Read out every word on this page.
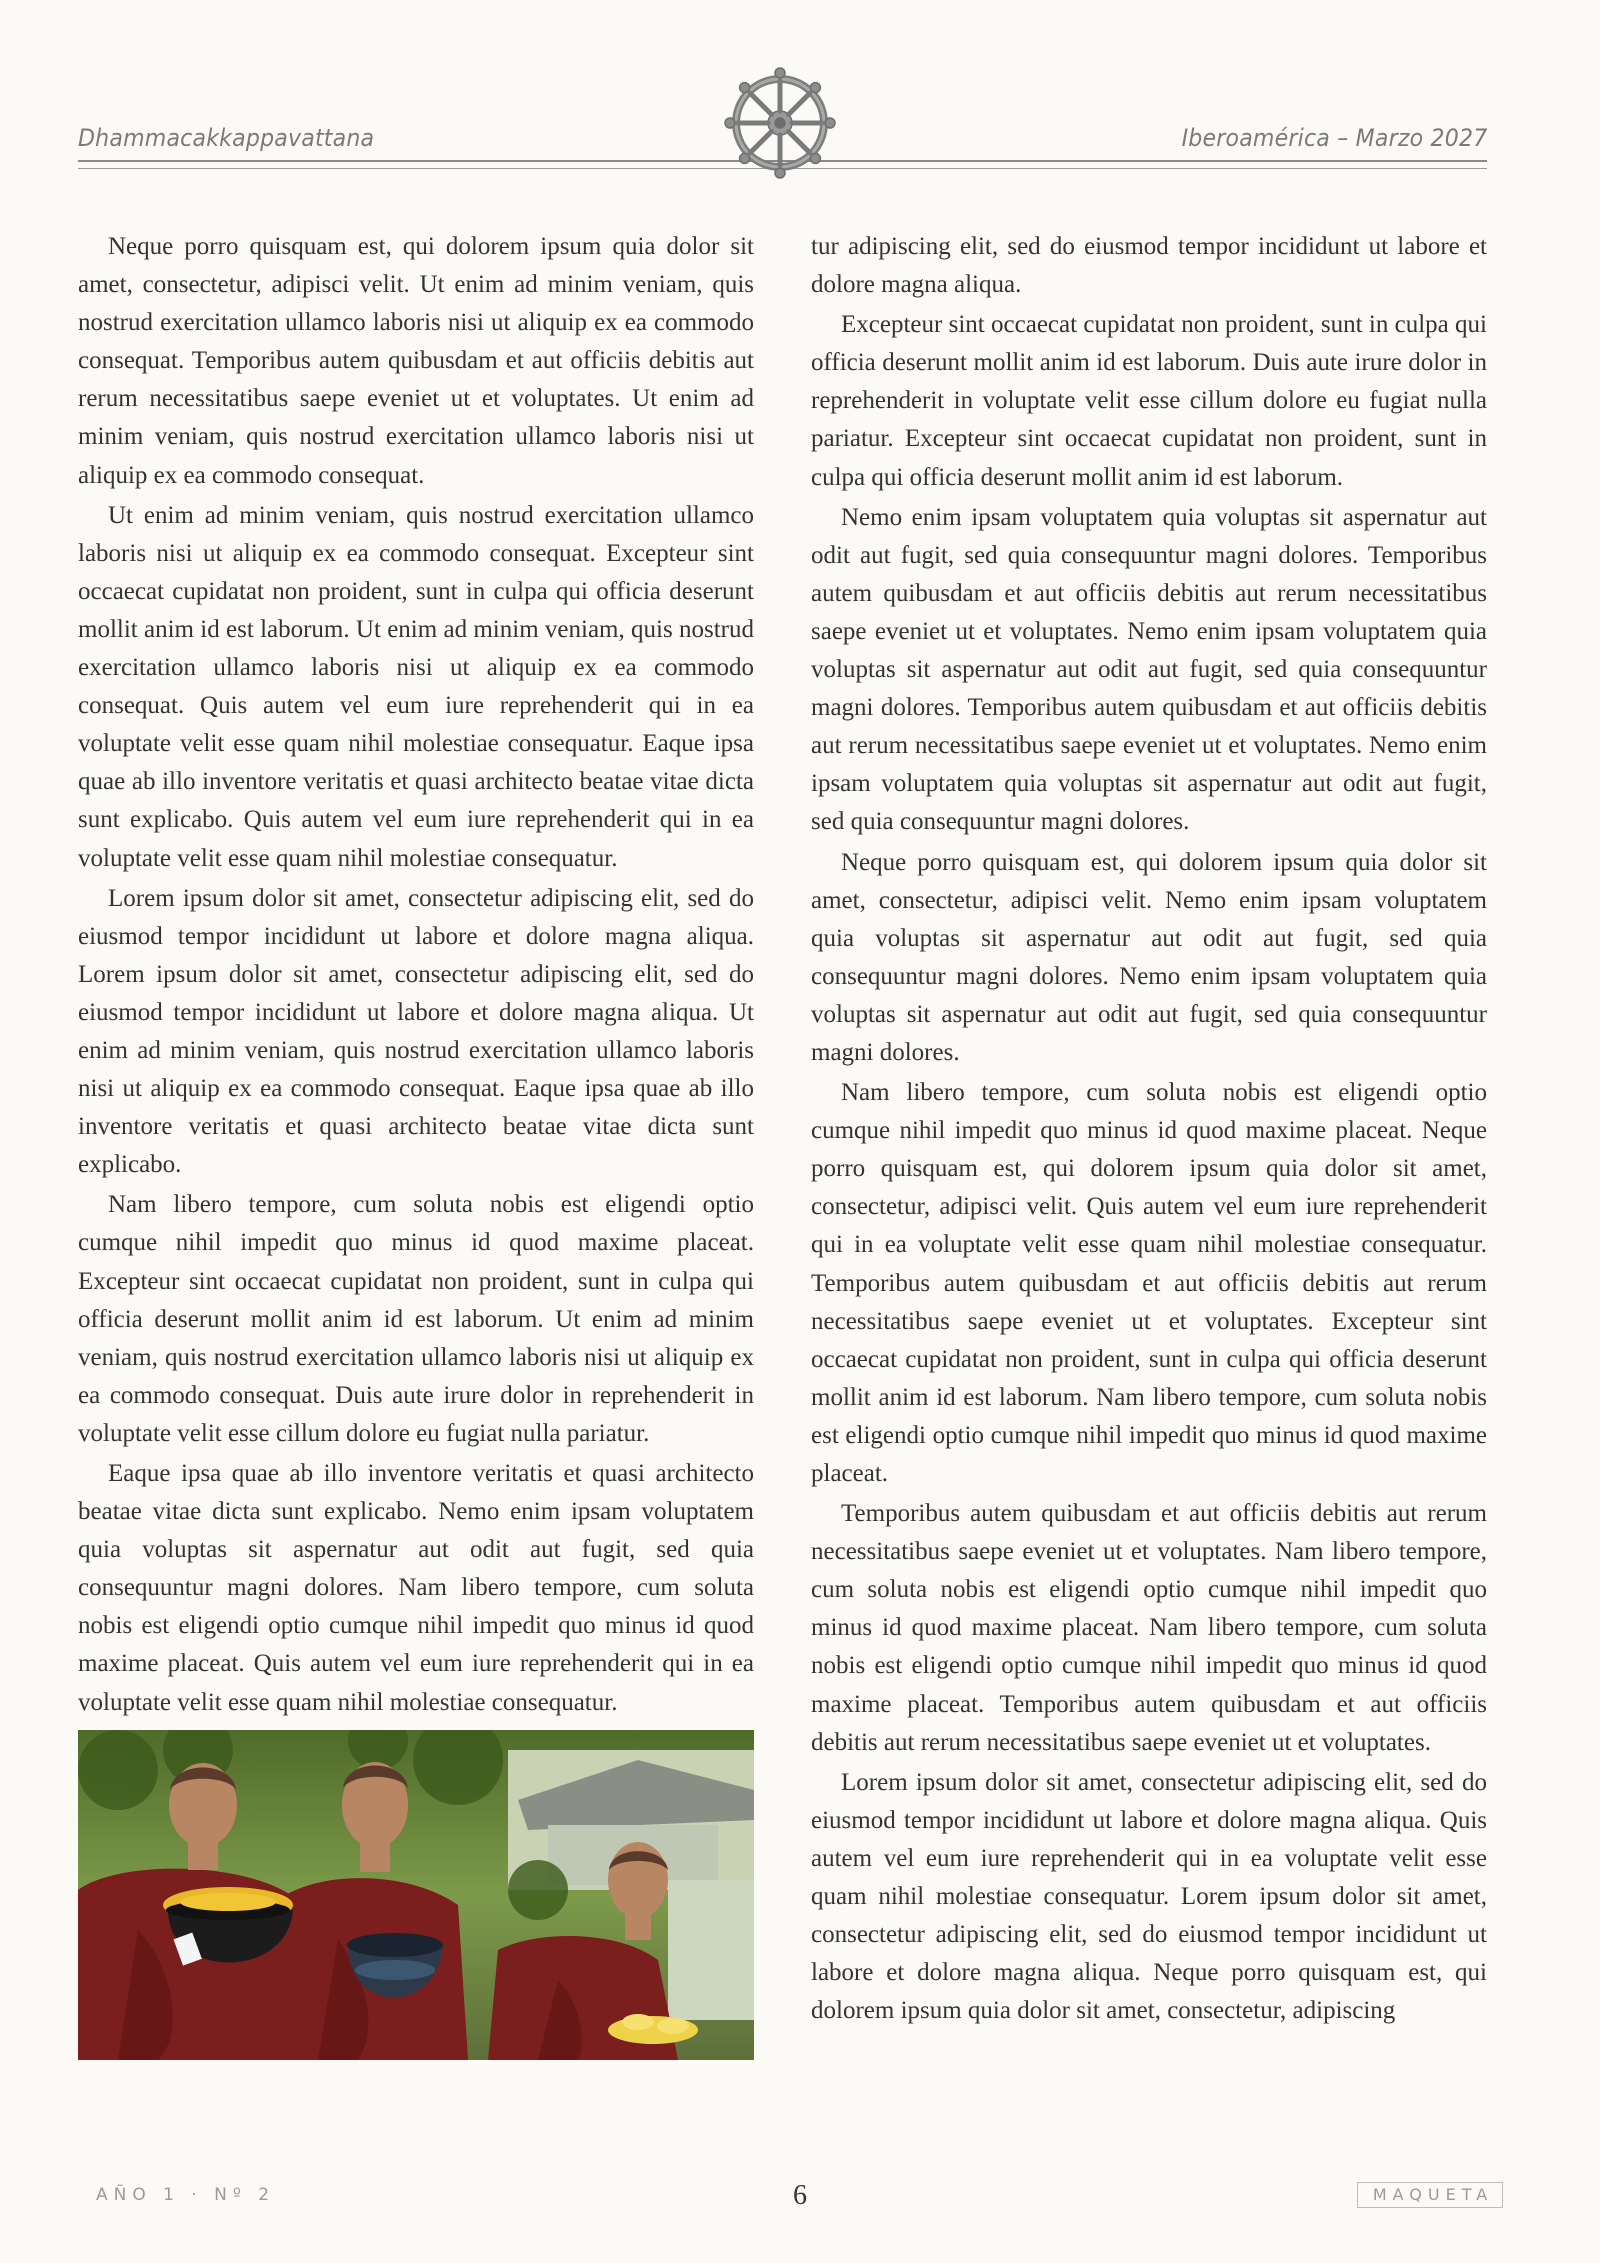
Dhammacakkappavattana	Iberoamérica – Marzo 2027

Neque porro quisquam est, qui dolorem ipsum quia dolor sit amet, consectetur, adipisci velit. Ut enim ad minim veniam, quis nostrud exercitation ullamco laboris nisi ut aliquip ex ea commodo consequat. Temporibus autem quibusdam et aut officiis debitis aut rerum necessitatibus saepe eveniet ut et voluptates. Ut enim ad minim veniam, quis nostrud exercitation ullamco laboris nisi ut aliquip ex ea commodo consequat.

Ut enim ad minim veniam, quis nostrud exercitation ullamco laboris nisi ut aliquip ex ea commodo consequat. Excepteur sint occaecat cupidatat non proident, sunt in culpa qui officia deserunt mollit anim id est laborum. Ut enim ad minim veniam, quis nostrud exercitation ullamco laboris nisi ut aliquip ex ea commodo consequat. Quis autem vel eum iure reprehenderit qui in ea voluptate velit esse quam nihil molestiae consequatur. Eaque ipsa quae ab illo inventore veritatis et quasi architecto beatae vitae dicta sunt explicabo. Quis autem vel eum iure reprehenderit qui in ea voluptate velit esse quam nihil molestiae consequatur.

Lorem ipsum dolor sit amet, consectetur adipiscing elit, sed do eiusmod tempor incididunt ut labore et dolore magna aliqua. Lorem ipsum dolor sit amet, consectetur adipiscing elit, sed do eiusmod tempor incididunt ut labore et dolore magna aliqua. Ut enim ad minim veniam, quis nostrud exercitation ullamco laboris nisi ut aliquip ex ea commodo consequat. Eaque ipsa quae ab illo inventore veritatis et quasi architecto beatae vitae dicta sunt explicabo.

Nam libero tempore, cum soluta nobis est eligendi optio cumque nihil impedit quo minus id quod maxime placeat. Excepteur sint occaecat cupidatat non proident, sunt in culpa qui officia deserunt mollit anim id est laborum. Ut enim ad minim veniam, quis nostrud exercitation ullamco laboris nisi ut aliquip ex ea commodo consequat. Duis aute irure dolor in reprehenderit in voluptate velit esse cillum dolore eu fugiat nulla pariatur.

Eaque ipsa quae ab illo inventore veritatis et quasi architecto beatae vitae dicta sunt explicabo. Nemo enim ipsam voluptatem quia voluptas sit aspernatur aut odit aut fugit, sed quia consequuntur magni dolores. Nam libero tempore, cum soluta nobis est eligendi optio cumque nihil impedit quo minus id quod maxime placeat. Quis autem vel eum iure reprehenderit qui in ea voluptate velit esse quam nihil molestiae consequatur.

tur adipiscing elit, sed do eiusmod tempor incididunt ut labore et dolore magna aliqua.

Excepteur sint occaecat cupidatat non proident, sunt in culpa qui officia deserunt mollit anim id est laborum. Duis aute irure dolor in reprehenderit in voluptate velit esse cillum dolore eu fugiat nulla pariatur. Excepteur sint occaecat cupidatat non proident, sunt in culpa qui officia deserunt mollit anim id est laborum.

Nemo enim ipsam voluptatem quia voluptas sit aspernatur aut odit aut fugit, sed quia consequuntur magni dolores. Temporibus autem quibusdam et aut officiis debitis aut rerum necessitatibus saepe eveniet ut et voluptates. Nemo enim ipsam voluptatem quia voluptas sit aspernatur aut odit aut fugit, sed quia consequuntur magni dolores. Temporibus autem quibusdam et aut officiis debitis aut rerum necessitatibus saepe eveniet ut et voluptates. Nemo enim ipsam voluptatem quia voluptas sit aspernatur aut odit aut fugit, sed quia consequuntur magni dolores.

Neque porro quisquam est, qui dolorem ipsum quia dolor sit amet, consectetur, adipisci velit. Nemo enim ipsam voluptatem quia voluptas sit aspernatur aut odit aut fugit, sed quia consequuntur magni dolores. Nemo enim ipsam voluptatem quia voluptas sit aspernatur aut odit aut fugit, sed quia consequuntur magni dolores.

Nam libero tempore, cum soluta nobis est eligendi optio cumque nihil impedit quo minus id quod maxime placeat. Neque porro quisquam est, qui dolorem ipsum quia dolor sit amet, consectetur, adipisci velit. Quis autem vel eum iure reprehenderit qui in ea voluptate velit esse quam nihil molestiae consequatur. Temporibus autem quibusdam et aut officiis debitis aut rerum necessitatibus saepe eveniet ut et voluptates. Excepteur sint occaecat cupidatat non proident, sunt in culpa qui officia deserunt mollit anim id est laborum. Nam libero tempore, cum soluta nobis est eligendi optio cumque nihil impedit quo minus id quod maxime placeat.

Temporibus autem quibusdam et aut officiis debitis aut rerum necessitatibus saepe eveniet ut et voluptates. Nam libero tempore, cum soluta nobis est eligendi optio cumque nihil impedit quo minus id quod maxime placeat. Nam libero tempore, cum soluta nobis est eligendi optio cumque nihil impedit quo minus id quod maxime placeat. Temporibus autem quibusdam et aut officiis debitis aut rerum necessitatibus saepe eveniet ut et voluptates.

Lorem ipsum dolor sit amet, consectetur adipiscing elit, sed do eiusmod tempor incididunt ut labore et dolore magna aliqua. Quis autem vel eum iure reprehenderit qui in ea voluptate velit esse quam nihil molestiae consequatur. Lorem ipsum dolor sit amet, consectetur adipiscing elit, sed do eiusmod tempor incididunt ut labore et dolore magna aliqua. Neque porro quisquam est, qui dolorem ipsum quia dolor sit amet, consectetur, adipiscing

AÑO 1 · Nº 2	6	MAQUETA
